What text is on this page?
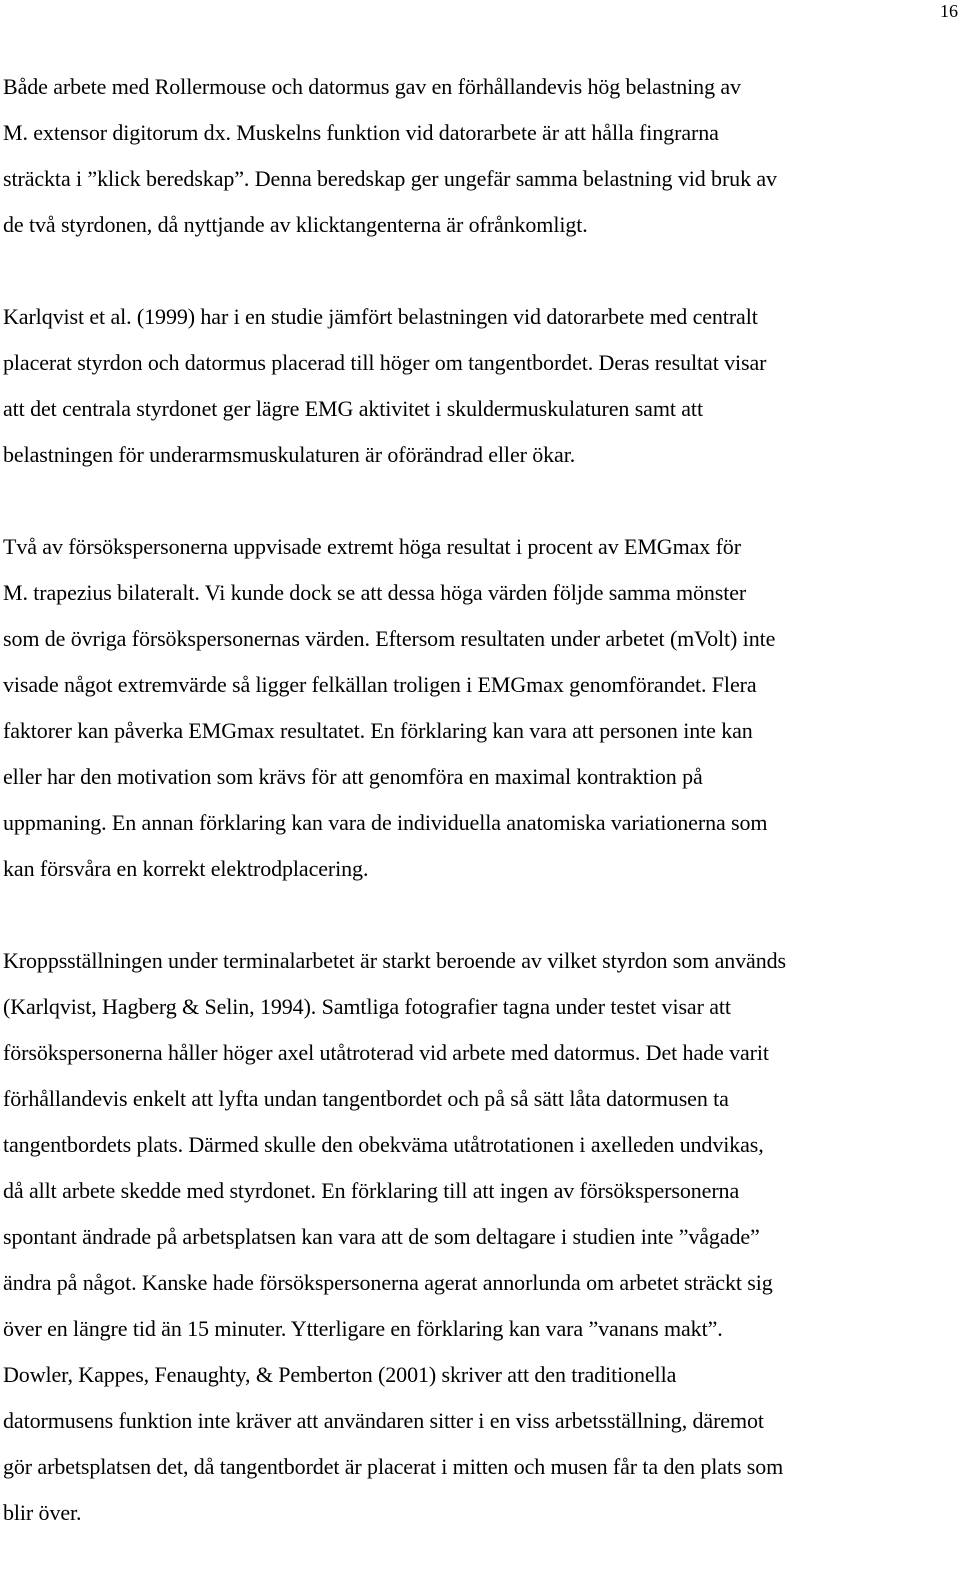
16

Både arbete med Rollermouse och datormus gav en förhållandevis hög belastning av
M. extensor digitorum dx. Muskelns funktion vid datorarbete är att hålla fingrarna
sträckta i ”klick beredskap”. Denna beredskap ger ungefär samma belastning vid bruk av
de två styrdonen, då nyttjande av klicktangenterna är ofrånkomligt.

Karlqvist et al. (1999) har i en studie jämfört belastningen vid datorarbete med centralt
placerat styrdon och datormus placerad till höger om tangentbordet. Deras resultat visar
att det centrala styrdonet ger lägre EMG aktivitet i skuldermuskulaturen samt att
belastningen för underarmsmuskulaturen är oförändrad eller ökar.

Två av försökspersonerna uppvisade extremt höga resultat i procent av EMGmax för
M. trapezius bilateralt. Vi kunde dock se att dessa höga värden följde samma mönster
som de övriga försökspersonernas värden. Eftersom resultaten under arbetet (mVolt) inte
visade något extremvärde så ligger felkällan troligen i EMGmax genomförandet. Flera
faktorer kan påverka EMGmax resultatet. En förklaring kan vara att personen inte kan
eller har den motivation som krävs för att genomföra en maximal kontraktion på
uppmaning. En annan förklaring kan vara de individuella anatomiska variationerna som
kan försvåra en korrekt elektrodplacering.

Kroppsställningen under terminalarbetet är starkt beroende av vilket styrdon som används
(Karlqvist, Hagberg & Selin, 1994). Samtliga fotografier tagna under testet visar att
försökspersonerna håller höger axel utåtroterad vid arbete med datormus. Det hade varit
förhållandevis enkelt att lyfta undan tangentbordet och på så sätt låta datormusen ta
tangentbordets plats. Därmed skulle den obekväma utåtrotationen i axelleden undvikas,
då allt arbete skedde med styrdonet. En förklaring till att ingen av försökspersonerna
spontant ändrade på arbetsplatsen kan vara att de som deltagare i studien inte ”vågade”
ändra på något. Kanske hade försökspersonerna agerat annorlunda om arbetet sträckt sig
över en längre tid än 15 minuter. Ytterligare en förklaring kan vara ”vanans makt”.
Dowler, Kappes, Fenaughty, & Pemberton (2001) skriver att den traditionella
datormusens funktion inte kräver att användaren sitter i en viss arbetsställning, däremot
gör arbetsplatsen det, då tangentbordet är placerat i mitten och musen får ta den plats som
blir över.
